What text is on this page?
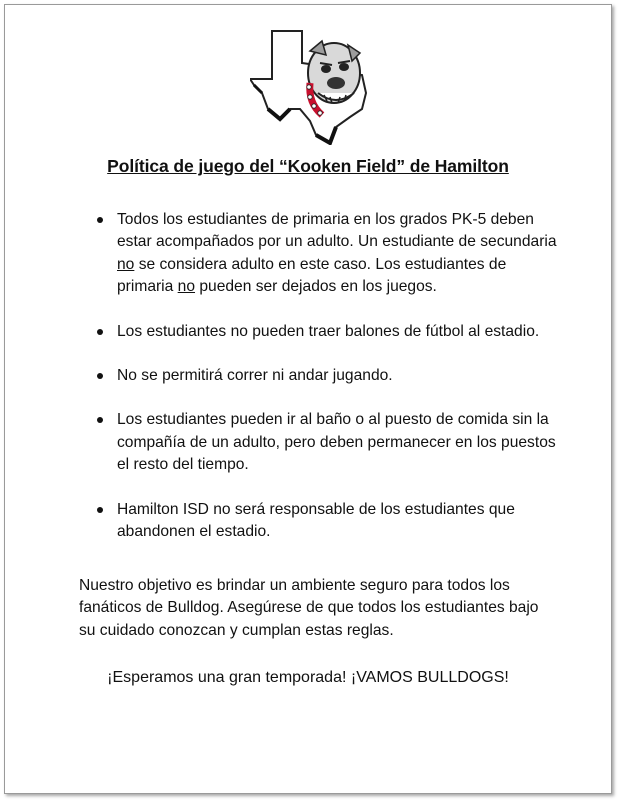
Política de juego del “Kooken Field” de Hamilton
Todos los estudiantes de primaria en los grados PK-5 deben estar acompañados por un adulto. Un estudiante de secundaria no se considera adulto en este caso. Los estudiantes de primaria no pueden ser dejados en los juegos.
Los estudiantes no pueden traer balones de fútbol al estadio.
No se permitirá correr ni andar jugando.
Los estudiantes pueden ir al baño o al puesto de comida sin la compañía de un adulto, pero deben permanecer en los puestos el resto del tiempo.
Hamilton ISD no será responsable de los estudiantes que abandonen el estadio.
Nuestro objetivo es brindar un ambiente seguro para todos los fanáticos de Bulldog. Asegúrese de que todos los estudiantes bajo su cuidado conozcan y cumplan estas reglas.
¡Esperamos una gran temporada! ¡VAMOS BULLDOGS!
